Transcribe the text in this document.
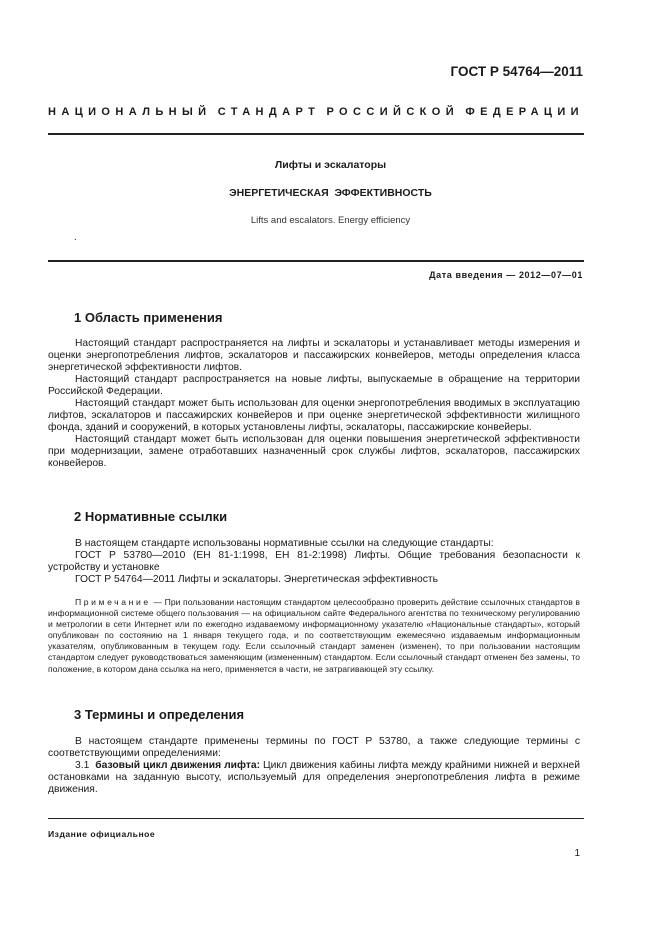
ГОСТ Р 54764—2011
НАЦИОНАЛЬНЫЙ СТАНДАРТ РОССИЙСКОЙ ФЕДЕРАЦИИ
Лифты и эскалаторы
ЭНЕРГЕТИЧЕСКАЯ  ЭФФЕКТИВНОСТЬ
Lifts and escalators. Energy efficiency
.
Дата введения — 2012—07—01
1 Область применения

Настоящий стандарт распространяется на лифты и эскалаторы и устанавливает методы измерения и оценки энергопотребления лифтов, эскалаторов и пассажирских конвейеров, методы определения класса энергетической эффективности лифтов.

Настоящий стандарт распространяется на новые лифты, выпускаемые в обращение на территории Российской Федерации.

Настоящий стандарт может быть использован для оценки энергопотребления вводимых в эксплуатацию лифтов, эскалаторов и пассажирских конвейеров и при оценке энергетической эффективности жилищного фонда, зданий и сооружений, в которых установлены лифты, эскалаторы, пассажирские конвейеры.

Настоящий стандарт может быть использован для оценки повышения энергетической эффективности при модернизации, замене отработавших назначенный срок службы лифтов, эскалаторов, пассажирских конвейеров.

2 Нормативные ссылки

В настоящем стандарте использованы нормативные ссылки на следующие стандарты:

ГОСТ Р 53780—2010 (ЕН 81-1:1998, ЕН 81-2:1998) Лифты. Общие требования безопасности к устройству и установке

ГОСТ Р 54764—2011 Лифты и эскалаторы. Энергетическая эффективность

Примечание — При пользовании настоящим стандартом целесообразно проверить действие ссылочных стандартов в информационной системе общего пользования — на официальном сайте Федерального агентства по техническому регулированию и метрологии в сети Интернет или по ежегодно издаваемому информационному указателю «Национальные стандарты», который опубликован по состоянию на 1 января текущего года, и по соответствующим ежемесячно издаваемым информационным указателям, опубликованным в текущем году. Если ссылочный стандарт заменен (изменен), то при пользовании настоящим стандартом следует руководствоваться заменяющим (измененным) стандартом. Если ссылочный стандарт отменен без замены, то положение, в котором дана ссылка на него, применяется в части, не затрагивающей эту ссылку.

3 Термины и определения

В настоящем стандарте применены термины по ГОСТ Р 53780, а также следующие термины с соответствующими определениями:

3.1 базовый цикл движения лифта: Цикл движения кабины лифта между крайними нижней и верхней остановками на заданную высоту, используемый для определения энергопотребления лифта в режиме движения.

Издание официальное
1
